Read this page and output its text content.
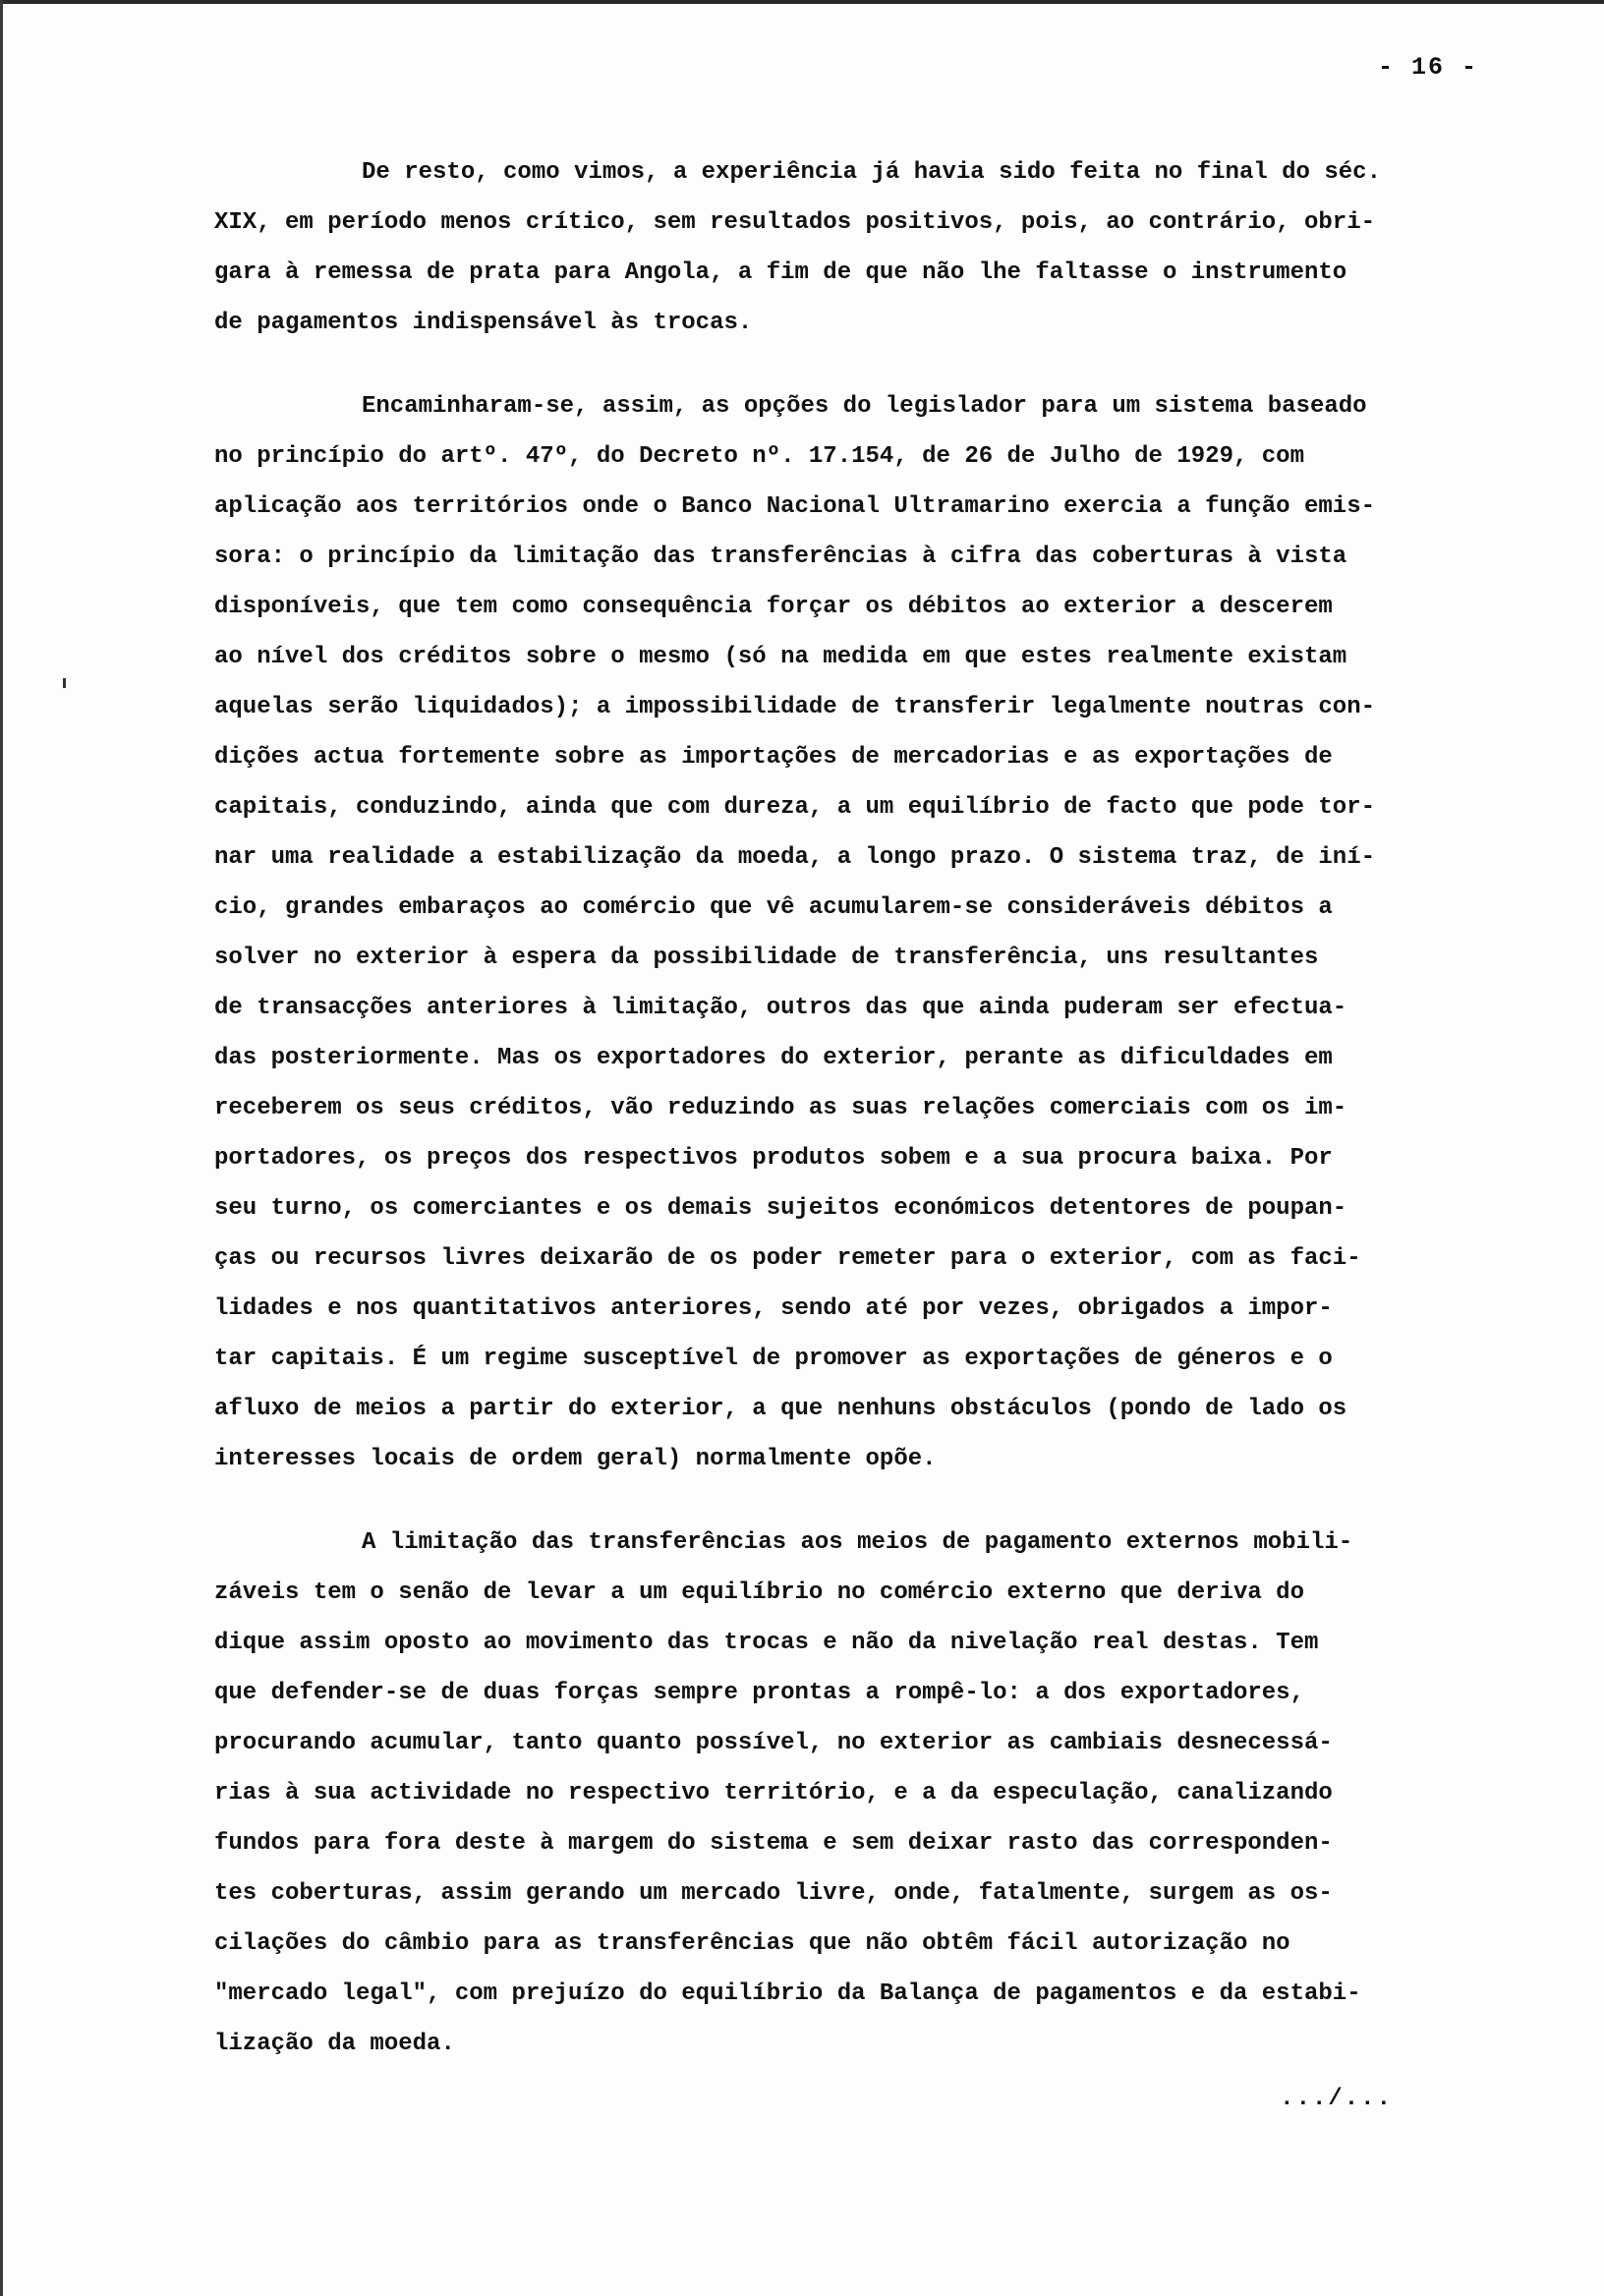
- 16 -
De resto, como vimos, a experiência já havia sido feita no final do séc.
XIX, em período menos crítico, sem resultados positivos, pois, ao contrário, obri-
gara à remessa de prata para Angola, a fim de que não lhe faltasse o instrumento
de pagamentos indispensável às trocas.
Encaminharam-se, assim, as opções do legislador para um sistema baseado
no princípio do artº. 47º, do Decreto nº. 17.154, de 26 de Julho de 1929, com
aplicação aos territórios onde o Banco Nacional Ultramarino exercia a função emis-
sora: o princípio da limitação das transferências à cifra das coberturas à vista
disponíveis, que tem como consequência forçar os débitos ao exterior a descerem
ao nível dos créditos sobre o mesmo (só na medida em que estes realmente existam
aquelas serão liquidados); a impossibilidade de transferir legalmente noutras con-
dições actua fortemente sobre as importações de mercadorias e as exportações de
capitais, conduzindo, ainda que com dureza, a um equilíbrio de facto que pode tor-
nar uma realidade a estabilização da moeda, a longo prazo. O sistema traz, de iní-
cio, grandes embaraços ao comércio que vê acumularem-se consideráveis débitos a
solver no exterior à espera da possibilidade de transferência, uns resultantes
de transacções anteriores à limitação, outros das que ainda puderam ser efectua-
das posteriormente. Mas os exportadores do exterior, perante as dificuldades em
receberem os seus créditos, vão reduzindo as suas relações comerciais com os im-
portadores, os preços dos respectivos produtos sobem e a sua procura baixa. Por
seu turno, os comerciantes e os demais sujeitos económicos detentores de poupan-
ças ou recursos livres deixarão de os poder remeter para o exterior, com as faci-
lidades e nos quantitativos anteriores, sendo até por vezes, obrigados a impor-
tar capitais. É um regime susceptível de promover as exportações de géneros e o
afluxo de meios a partir do exterior, a que nenhuns obstáculos (pondo de lado os
interesses locais de ordem geral) normalmente opõe.
A limitação das transferências aos meios de pagamento externos mobili-
záveis tem o senão de levar a um equilíbrio no comércio externo que deriva do
dique assim oposto ao movimento das trocas e não da nivelação real destas. Tem
que defender-se de duas forças sempre prontas a rompê-lo: a dos exportadores,
procurando acumular, tanto quanto possível, no exterior as cambiais desnecessá-
rias à sua actividade no respectivo território, e a da especulação, canalizando
fundos para fora deste à margem do sistema e sem deixar rasto das corresponden-
tes coberturas, assim gerando um mercado livre, onde, fatalmente, surgem as os-
cilações do câmbio para as transferências que não obtêm fácil autorização no
"mercado legal", com prejuízo do equilíbrio da Balança de pagamentos e da estabi-
lização da moeda.
.../...
